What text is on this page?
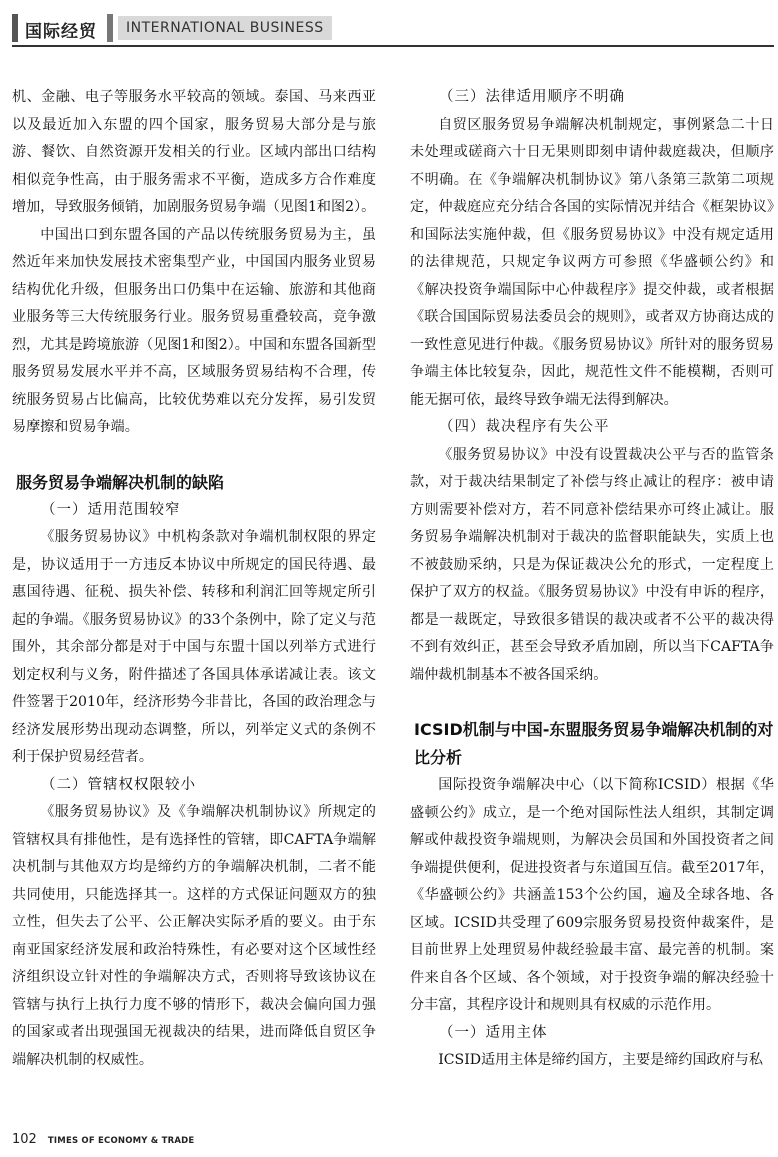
国际经贸	INTERNATIONAL BUSINESS

机、金融、电子等服务水平较高的领域。泰国、马来西亚以及最近加入东盟的四个国家，服务贸易大部分是与旅游、餐饮、自然资源开发相关的行业。区域内部出口结构相似竞争性高，由于服务需求不平衡，造成多方合作难度增加，导致服务倾销，加剧服务贸易争端（见图1和图2）。

中国出口到东盟各国的产品以传统服务贸易为主，虽然近年来加快发展技术密集型产业，中国国内服务业贸易结构优化升级，但服务出口仍集中在运输、旅游和其他商业服务等三大传统服务行业。服务贸易重叠较高，竞争激烈，尤其是跨境旅游（见图1和图2）。中国和东盟各国新型服务贸易发展水平并不高，区域服务贸易结构不合理，传统服务贸易占比偏高，比较优势难以充分发挥，易引发贸易摩擦和贸易争端。

服务贸易争端解决机制的缺陷
（一）适用范围较窄

《服务贸易协议》中机构条款对争端机制权限的界定是，协议适用于一方违反本协议中所规定的国民待遇、最惠国待遇、征税、损失补偿、转移和利润汇回等规定所引起的争端。《服务贸易协议》的33个条例中，除了定义与范围外，其余部分都是对于中国与东盟十国以列举方式进行划定权利与义务，附件描述了各国具体承诺减让表。该文件签署于2010年，经济形势今非昔比，各国的政治理念与经济发展形势出现动态调整，所以，列举定义式的条例不利于保护贸易经营者。

（二）管辖权权限较小

《服务贸易协议》及《争端解决机制协议》所规定的管辖权具有排他性，是有选择性的管辖，即CAFTA争端解决机制与其他双方均是缔约方的争端解决机制，二者不能共同使用，只能选择其一。这样的方式保证问题双方的独立性，但失去了公平、公正解决实际矛盾的要义。由于东南亚国家经济发展和政治特殊性，有必要对这个区域性经济组织设立针对性的争端解决方式，否则将导致该协议在管辖与执行上执行力度不够的情形下，裁决会偏向国力强的国家或者出现强国无视裁决的结果，进而降低自贸区争端解决机制的权威性。

（三）法律适用顺序不明确

自贸区服务贸易争端解决机制规定，事例紧急二十日未处理或磋商六十日无果则即刻申请仲裁庭裁决，但顺序不明确。在《争端解决机制协议》第八条第三款第二项规定，仲裁庭应充分结合各国的实际情况并结合《框架协议》和国际法实施仲裁，但《服务贸易协议》中没有规定适用的法律规范，只规定争议两方可参照《华盛顿公约》和《解决投资争端国际中心仲裁程序》提交仲裁，或者根据《联合国国际贸易法委员会的规则》，或者双方协商达成的一致性意见进行仲裁。《服务贸易协议》所针对的服务贸易争端主体比较复杂，因此，规范性文件不能模糊，否则可能无据可依，最终导致争端无法得到解决。

（四）裁决程序有失公平

《服务贸易协议》中没有设置裁决公平与否的监管条款，对于裁决结果制定了补偿与终止减让的程序：被申请方则需要补偿对方，若不同意补偿结果亦可终止减让。服务贸易争端解决机制对于裁决的监督职能缺失，实质上也不被鼓励采纳，只是为保证裁决公允的形式，一定程度上保护了双方的权益。《服务贸易协议》中没有申诉的程序，都是一裁既定，导致很多错误的裁决或者不公平的裁决得不到有效纠正，甚至会导致矛盾加剧，所以当下CAFTA争端仲裁机制基本不被各国采纳。

ICSID机制与中国-东盟服务贸易争端解决机制的对比分析

国际投资争端解决中心（以下简称ICSID）根据《华盛顿公约》成立，是一个绝对国际性法人组织，其制定调解或仲裁投资争端规则，为解决会员国和外国投资者之间争端提供便利，促进投资者与东道国互信。截至2017年，《华盛顿公约》共涵盖153个公约国，遍及全球各地、各区域。ICSID共受理了609宗服务贸易投资仲裁案件，是目前世界上处理贸易仲裁经验最丰富、最完善的机制。案件来自各个区域、各个领域，对于投资争端的解决经验十分丰富，其程序设计和规则具有权威的示范作用。

（一）适用主体

ICSID适用主体是缔约国方，主要是缔约国政府与私

102 TIMES OF ECONOMY & TRADE
